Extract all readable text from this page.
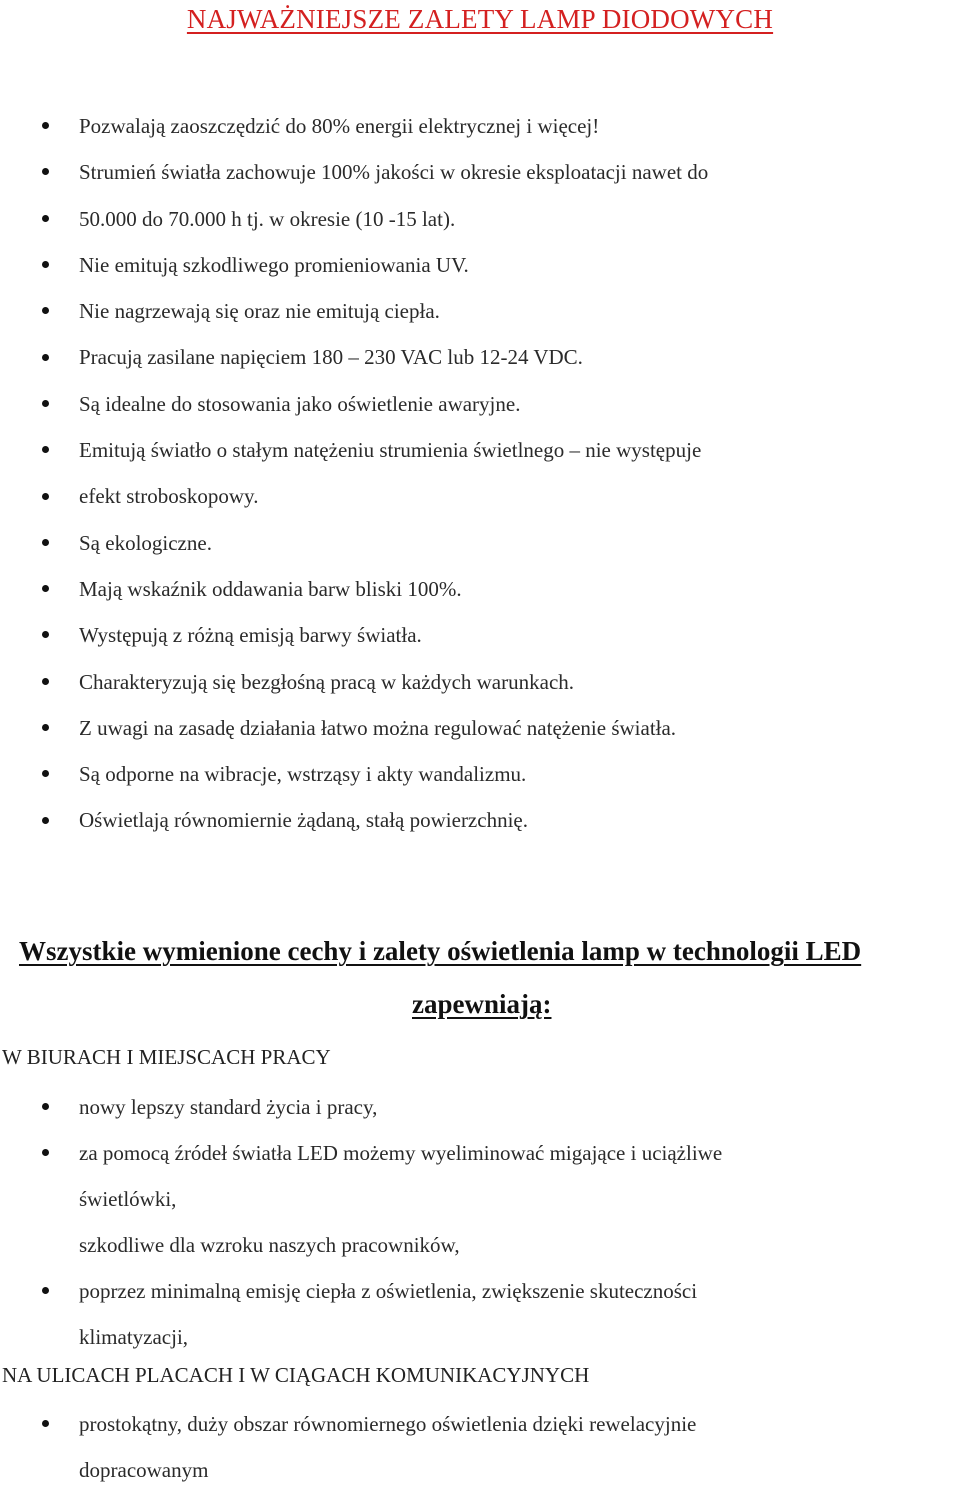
NAJWAŻNIEJSZE ZALETY LAMP DIODOWYCH
Pozwalają zaoszczędzić do 80% energii elektrycznej i więcej!
Strumień światła zachowuje 100% jakości w okresie eksploatacji nawet do
50.000 do 70.000 h tj. w okresie (10 -15 lat).
Nie emitują szkodliwego promieniowania UV.
Nie nagrzewają się oraz nie emitują ciepła.
Pracują zasilane napięciem 180 – 230 VAC lub 12-24 VDC.
Są idealne do stosowania jako oświetlenie awaryjne.
Emitują światło o stałym natężeniu strumienia świetlnego – nie występuje
efekt stroboskopowy.
Są ekologiczne.
Mają wskaźnik oddawania barw bliski 100%.
Występują z różną emisją barwy światła.
Charakteryzują się bezgłośną pracą w każdych warunkach.
Z uwagi na zasadę działania łatwo można regulować natężenie światła.
Są odporne na wibracje, wstrząsy i akty wandalizmu.
Oświetlają równomiernie żądaną, stałą powierzchnię.
Wszystkie wymienione cechy i zalety oświetlenia lamp w technologii LED
zapewniają:
W BIURACH I MIEJSCACH PRACY
nowy lepszy standard życia i pracy,
za pomocą źródeł światła LED możemy wyeliminować migające i uciążliwe
świetlówki,
szkodliwe dla wzroku naszych pracowników,
poprzez minimalną emisję ciepła z oświetlenia, zwiększenie skuteczności
klimatyzacji,
NA ULICACH PLACACH I W CIĄGACH KOMUNIKACYJNYCH
prostokątny, duży obszar równomiernego oświetlenia dzięki rewelacyjnie
dopracowanym
